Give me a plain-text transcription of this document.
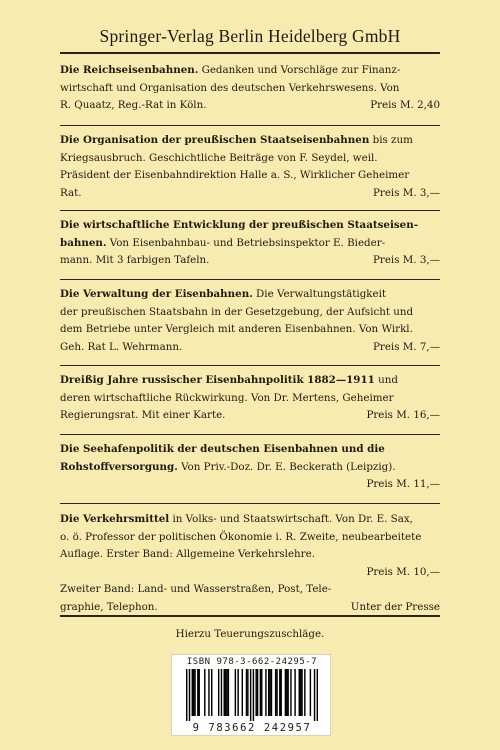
Springer-Verlag Berlin Heidelberg GmbH
Die Reichseisenbahnen. Gedanken und Vorschläge zur Finanz-
wirtschaft und Organisation des deutschen Verkehrswesens. Von
R. Quaatz, Reg.-Rat in Köln.	Preis M. 2,40
Die Organisation der preußischen Staatseisenbahnen bis zum
Kriegsausbruch. Geschichtliche Beiträge von F. Seydel, weil.
Präsident der Eisenbahndirektion Halle a. S., Wirklicher Geheimer
Rat.	Preis M. 3,—
Die wirtschaftliche Entwicklung der preußischen Staatseisen-
bahnen. Von Eisenbahnbau- und Betriebsinspektor E. Bieder-
mann. Mit 3 farbigen Tafeln.	Preis M. 3,—
Die Verwaltung der Eisenbahnen. Die Verwaltungstätigkeit
der preußischen Staatsbahn in der Gesetzgebung, der Aufsicht und
dem Betriebe unter Vergleich mit anderen Eisenbahnen. Von Wirkl.
Geh. Rat L. Wehrmann.	Preis M. 7,—
Dreißig Jahre russischer Eisenbahnpolitik 1882—1911 und
deren wirtschaftliche Rückwirkung. Von Dr. Mertens, Geheimer
Regierungsrat. Mit einer Karte.	Preis M. 16,—
Die Seehafenpolitik der deutschen Eisenbahnen und die
Rohstoffversorgung. Von Priv.-Doz. Dr. E. Beckerath (Leipzig).
Preis M. 11,—
Die Verkehrsmittel in Volks- und Staatswirtschaft. Von Dr. E. Sax,
o. ö. Professor der politischen Ökonomie i. R. Zweite, neubearbeitete
Auflage. Erster Band: Allgemeine Verkehrslehre.
Preis M. 10,—
Zweiter Band: Land- und Wasserstraßen, Post, Tele-
graphie, Telephon.	Unter der Presse
Hierzu Teuerungszuschläge.
ISBN 978-3-662-24295-7
9 783662 242957
